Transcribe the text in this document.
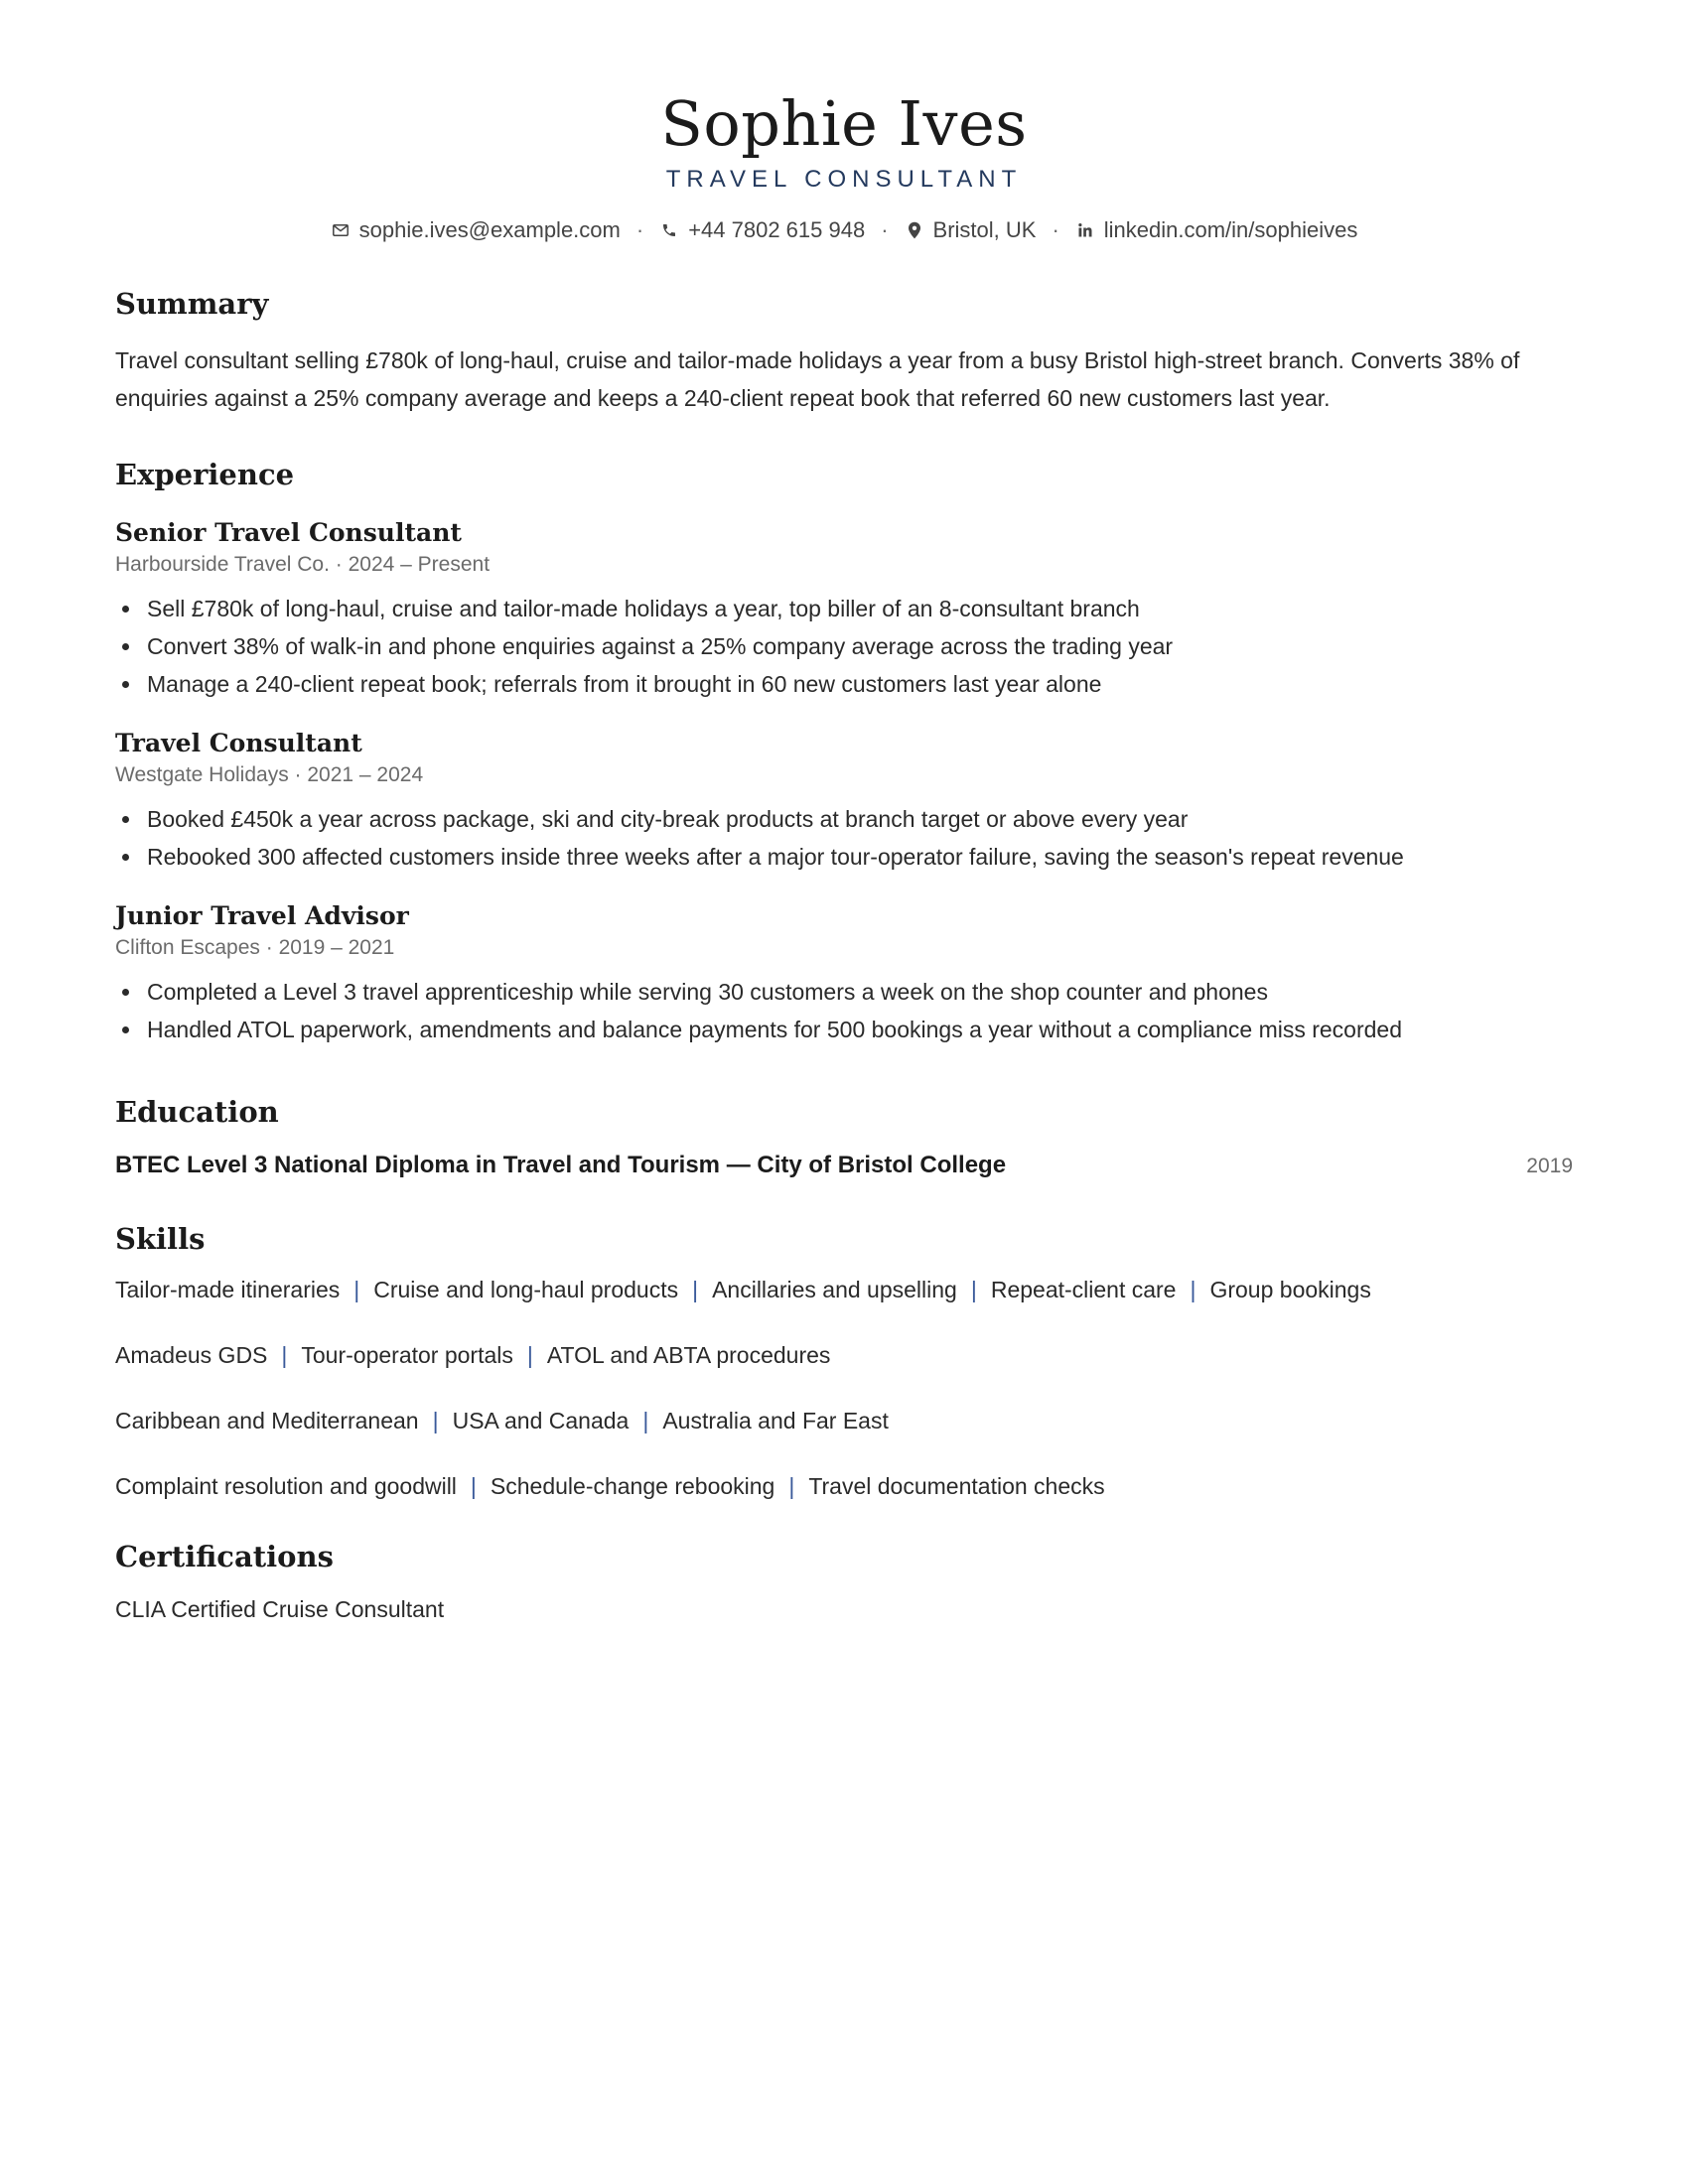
Sophie Ives
TRAVEL CONSULTANT
sophie.ives@example.com · +44 7802 615 948 · Bristol, UK · linkedin.com/in/sophieives
Summary
Travel consultant selling £780k of long-haul, cruise and tailor-made holidays a year from a busy Bristol high-street branch. Converts 38% of enquiries against a 25% company average and keeps a 240-client repeat book that referred 60 new customers last year.
Experience
Senior Travel Consultant
Harbourside Travel Co. · 2024 – Present
Sell £780k of long-haul, cruise and tailor-made holidays a year, top biller of an 8-consultant branch
Convert 38% of walk-in and phone enquiries against a 25% company average across the trading year
Manage a 240-client repeat book; referrals from it brought in 60 new customers last year alone
Travel Consultant
Westgate Holidays · 2021 – 2024
Booked £450k a year across package, ski and city-break products at branch target or above every year
Rebooked 300 affected customers inside three weeks after a major tour-operator failure, saving the season's repeat revenue
Junior Travel Advisor
Clifton Escapes · 2019 – 2021
Completed a Level 3 travel apprenticeship while serving 30 customers a week on the shop counter and phones
Handled ATOL paperwork, amendments and balance payments for 500 bookings a year without a compliance miss recorded
Education
BTEC Level 3 National Diploma in Travel and Tourism — City of Bristol College	2019
Skills
Tailor-made itineraries | Cruise and long-haul products | Ancillaries and upselling | Repeat-client care | Group bookings
Amadeus GDS | Tour-operator portals | ATOL and ABTA procedures
Caribbean and Mediterranean | USA and Canada | Australia and Far East
Complaint resolution and goodwill | Schedule-change rebooking | Travel documentation checks
Certifications
CLIA Certified Cruise Consultant
